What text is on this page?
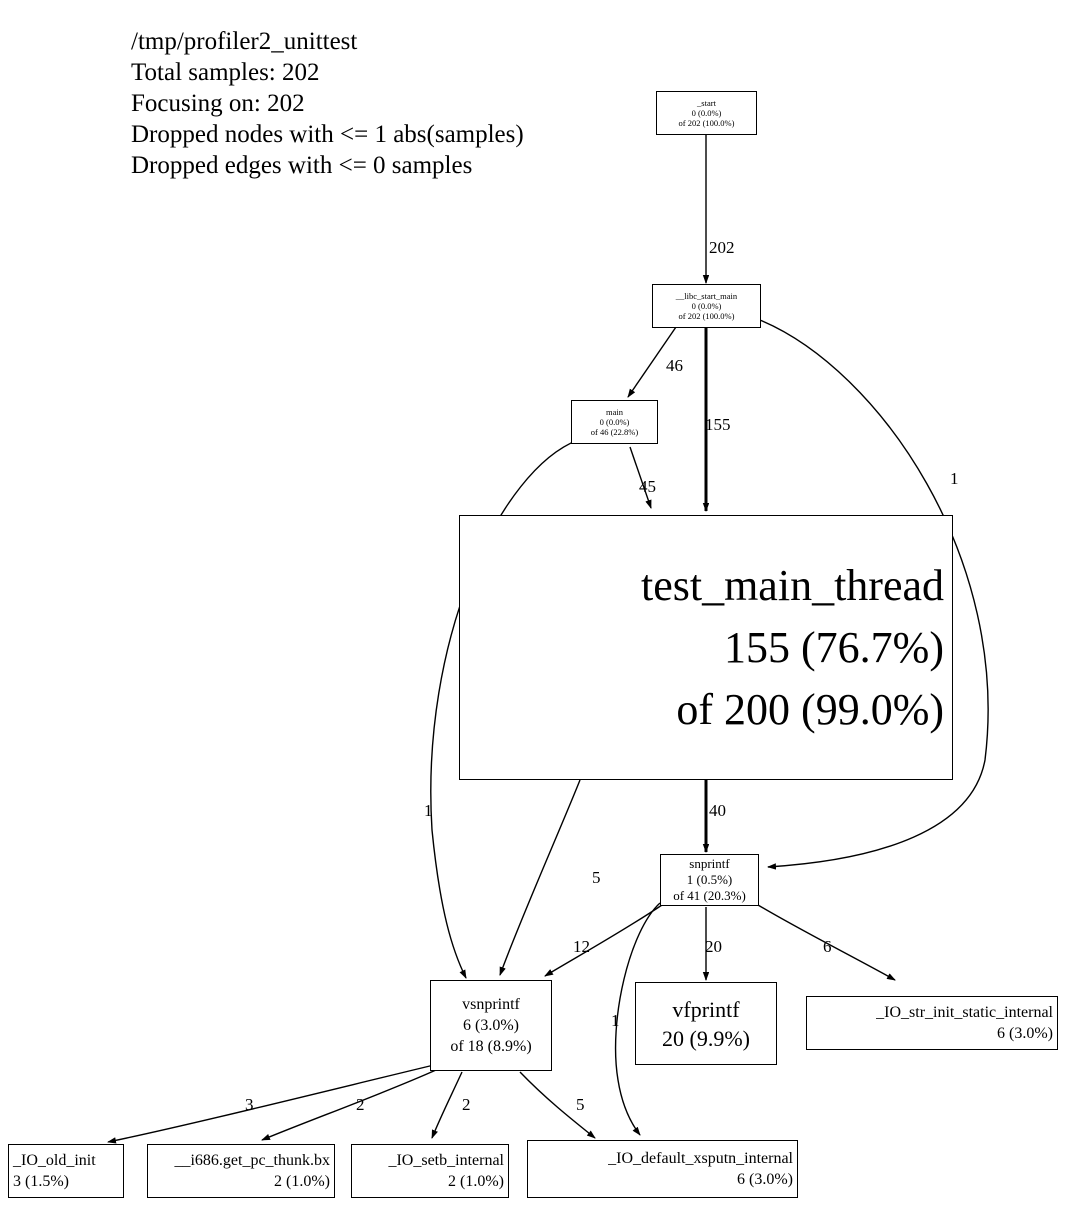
/tmp/profiler2_unittest
Total samples: 202
Focusing on: 202
Dropped nodes with <= 1 abs(samples)
Dropped edges with <= 0 samples
_start
0 (0.0%)
of 202 (100.0%)
__libc_start_main
0 (0.0%)
of 202 (100.0%)
main
0 (0.0%)
of 46 (22.8%)
test_main_thread
155 (76.7%)
of 200 (99.0%)
snprintf
1 (0.5%)
of 41 (20.3%)
vsnprintf
6 (3.0%)
of 18 (8.9%)
vfprintf
20 (9.9%)
_IO_str_init_static_internal
6 (3.0%)
_IO_old_init
3 (1.5%)
__i686.get_pc_thunk.bx
2 (1.0%)
_IO_setb_internal
2 (1.0%)
_IO_default_xsputn_internal
6 (3.0%)
202
46
155
1
45
1	40
5
12	20	6
1
3	2	2	5
